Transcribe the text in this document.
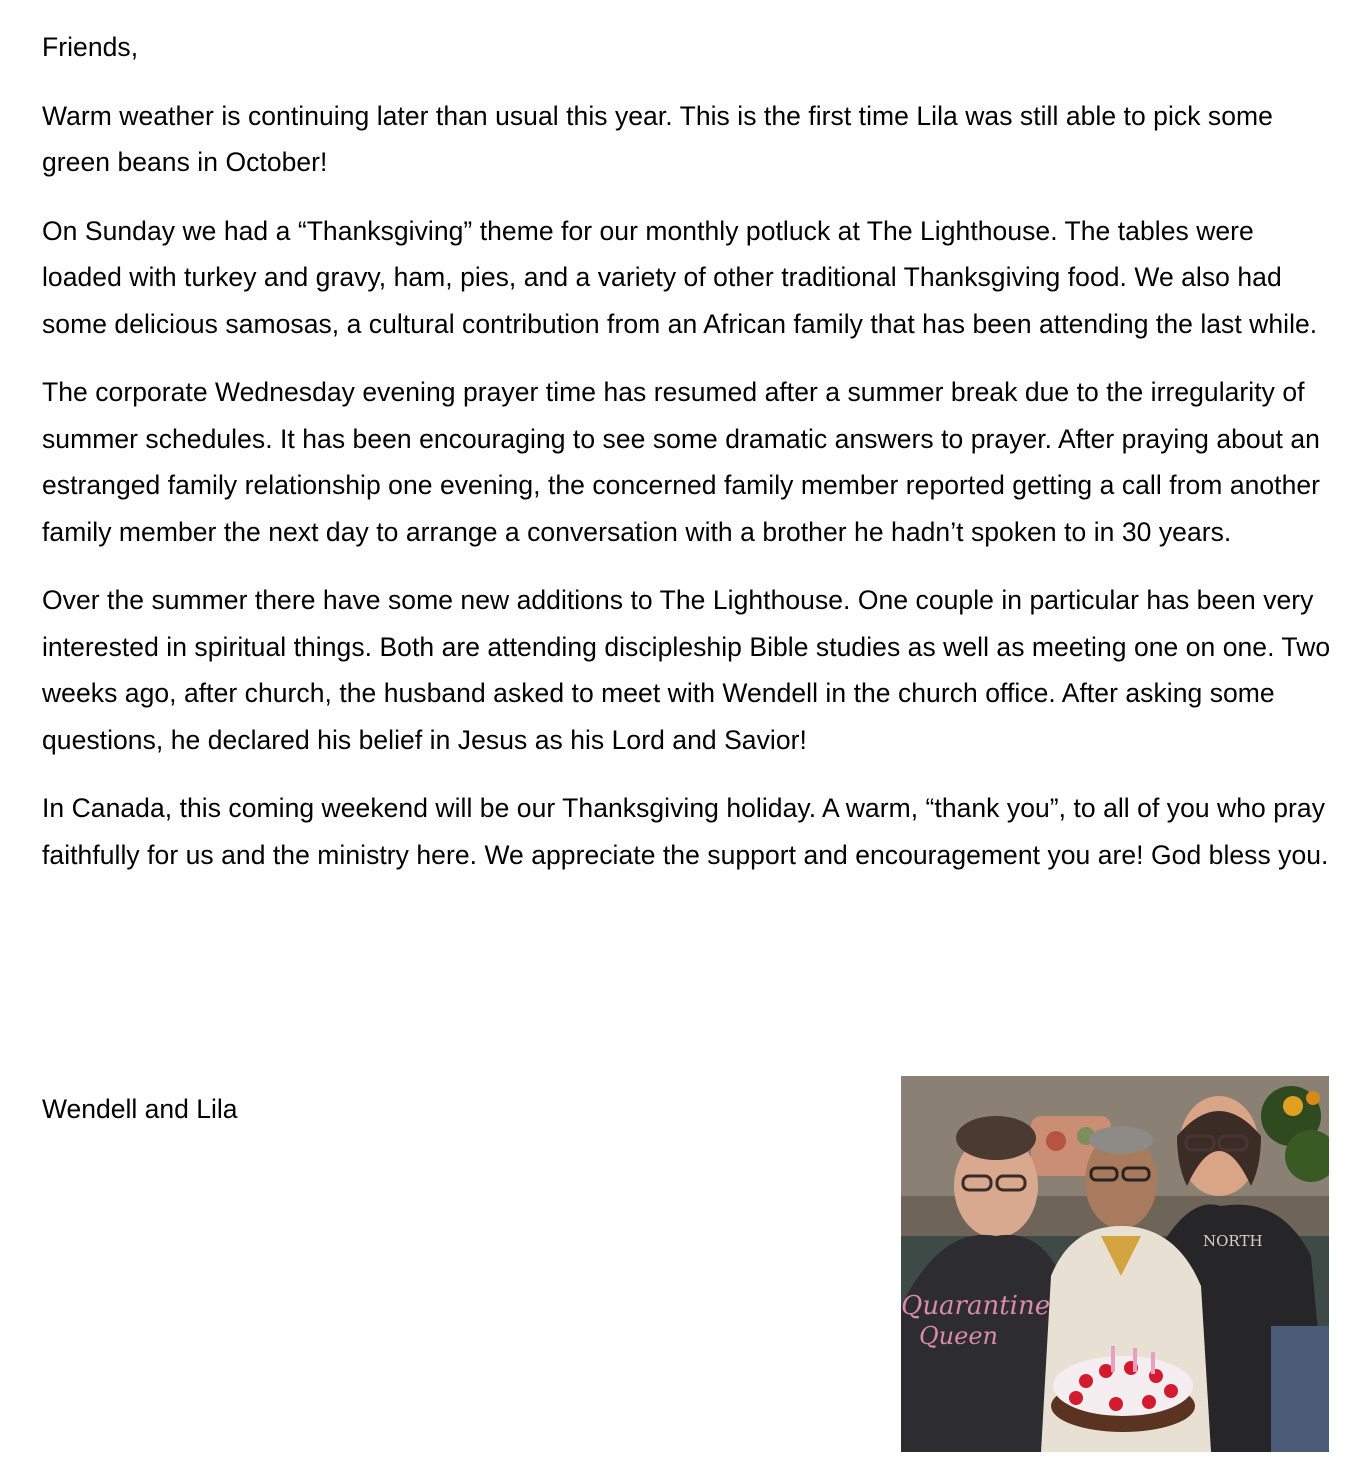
Friends,

Warm weather is continuing later than usual this year. This is the first time Lila was still able to pick some green beans in October!

On Sunday we had a “Thanksgiving” theme for our monthly potluck at The Lighthouse. The tables were loaded with turkey and gravy, ham, pies, and a variety of other traditional Thanksgiving food. We also had some delicious samosas, a cultural contribution from an African family that has been attending the last while.

The corporate Wednesday evening prayer time has resumed after a summer break due to the irregularity of summer schedules. It has been encouraging to see some dramatic answers to prayer. After praying about an estranged family relationship one evening, the concerned family member reported getting a call from another family member the next day to arrange a conversation with a brother he hadn’t spoken to in 30 years.

Over the summer there have some new additions to The Lighthouse. One couple in particular has been very interested in spiritual things. Both are attending discipleship Bible studies as well as meeting one on one. Two weeks ago, after church, the husband asked to meet with Wendell in the church office. After asking some questions, he declared his belief in Jesus as his Lord and Savior!

In Canada, this coming weekend will be our Thanksgiving holiday. A warm, “thank you”, to all of you who pray faithfully for us and the ministry here. We appreciate the support and encouragement you are! God bless you.

Wendell and Lila
Quarantine
Queen
NORTH
